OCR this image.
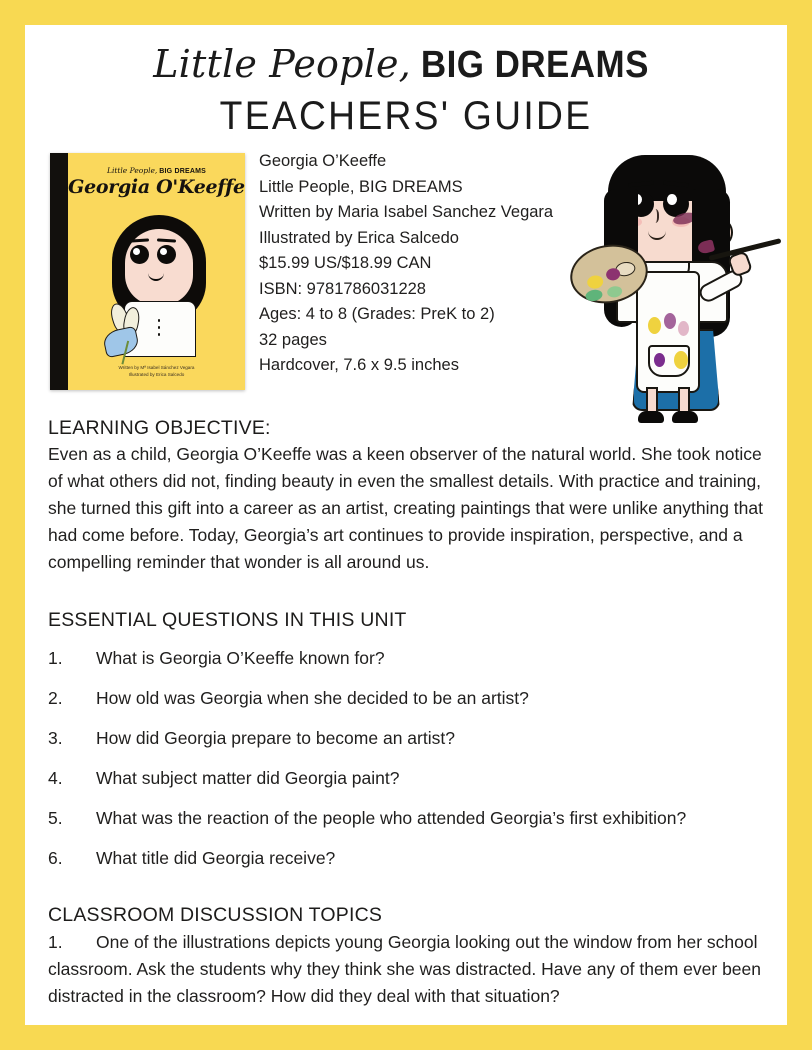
Little People, BIG DREAMS
TEACHERS' GUIDE
Little People, BIG DREAMS
Georgia O'Keeffe
Written by Mª Isabel Sánchez Vegara
Illustrated by Erica Salcedo
Georgia O’Keeffe
Little People, BIG DREAMS
Written by Maria Isabel Sanchez Vegara
Illustrated by Erica Salcedo
$15.99 US/$18.99 CAN
ISBN: 9781786031228
Ages: 4 to 8 (Grades: PreK to 2)
32 pages
Hardcover, 7.6 x 9.5 inches
LEARNING OBJECTIVE:
Even as a child, Georgia O’Keeffe was a keen observer of the natural world. She took notice of what others did not, finding beauty in even the smallest details. With practice and training, she turned this gift into a career as an artist, creating paintings that were unlike anything that had come before. Today, Georgia’s art continues to provide inspiration, perspective, and a compelling reminder that wonder is all around us.
ESSENTIAL QUESTIONS IN THIS UNIT
1.	What is Georgia O’Keeffe known for?
2.	How old was Georgia when she decided to be an artist?
3.	How did Georgia prepare to become an artist?
4.	What subject matter did Georgia paint?
5.	What was the reaction of the people who attended Georgia’s first exhibition?
6.	What title did Georgia receive?
CLASSROOM DISCUSSION TOPICS
1. One of the illustrations depicts young Georgia looking out the window from her school classroom. Ask the students why they think she was distracted. Have any of them ever been distracted in the classroom? How did they deal with that situation?
